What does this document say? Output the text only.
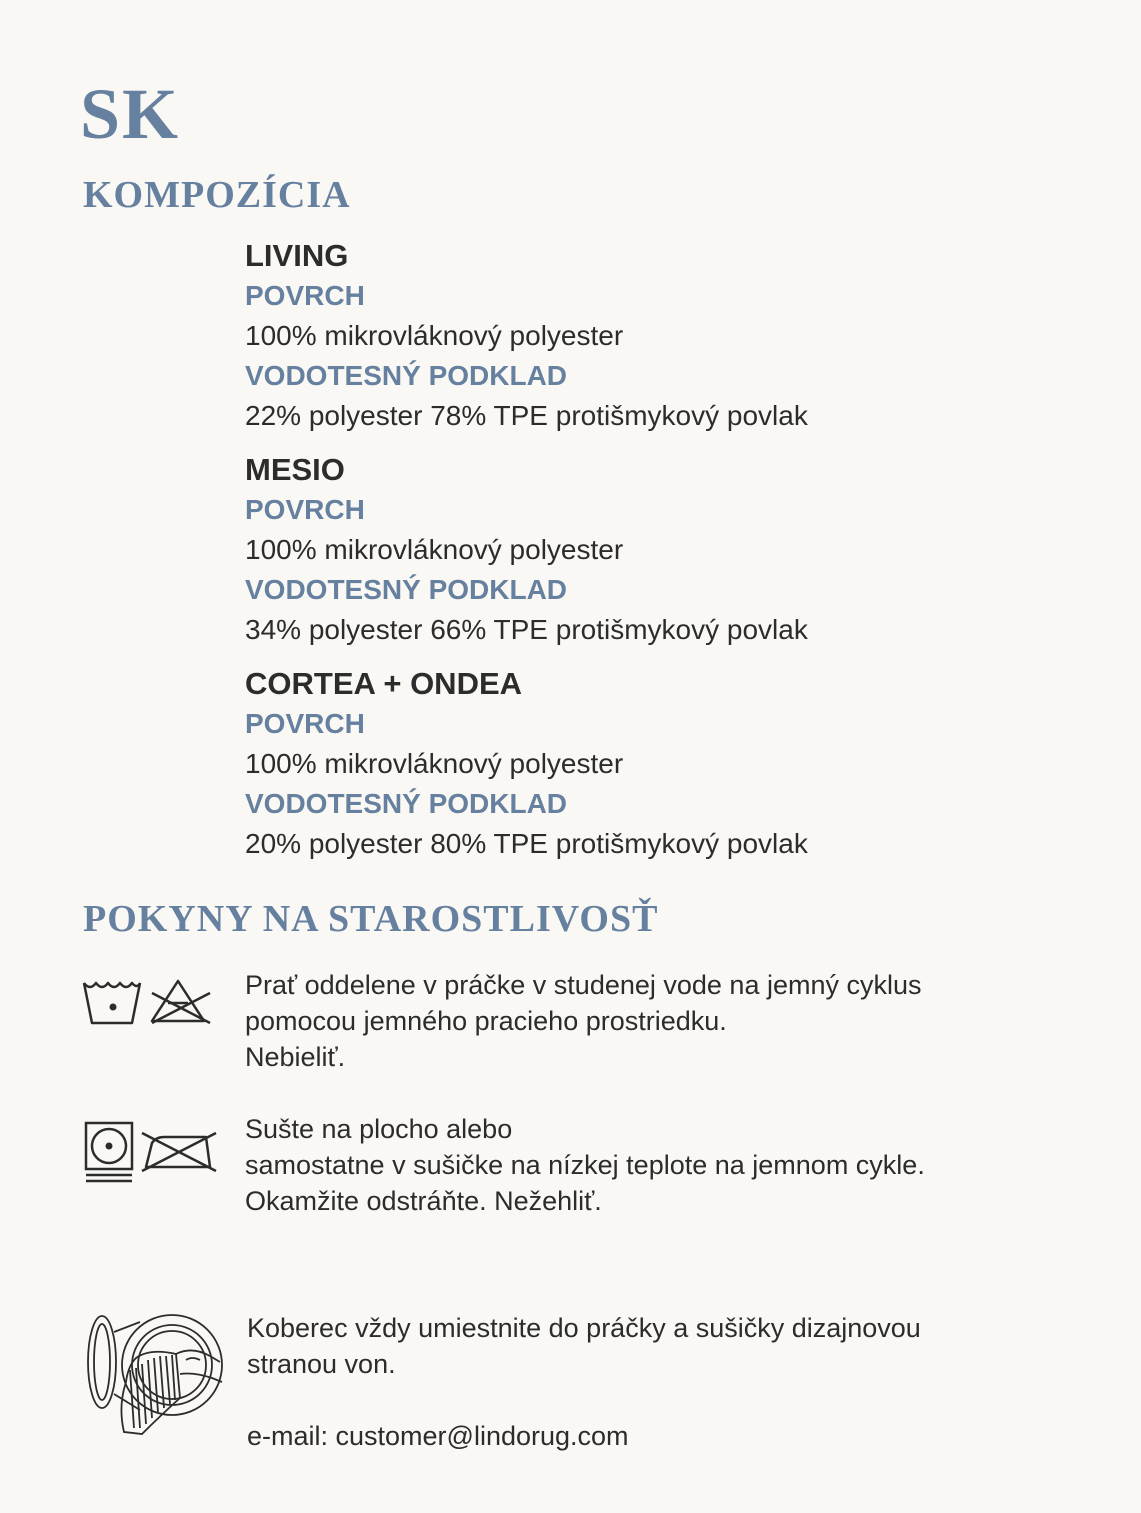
SK
KOMPOZÍCIA
LIVING
POVRCH
100% mikrovláknový polyester
VODOTESNÝ PODKLAD
22% polyester 78% TPE protišmykový povlak
MESIO
POVRCH
100% mikrovláknový polyester
VODOTESNÝ PODKLAD
34% polyester 66% TPE protišmykový povlak
CORTEA + ONDEA
POVRCH
100% mikrovláknový polyester
VODOTESNÝ PODKLAD
20% polyester 80% TPE protišmykový povlak
POKYNY NA STAROSTLIVOSŤ
Prať oddelene v práčke v studenej vode na jemný cyklus
pomocou jemného pracieho prostriedku.
Nebieliť.
Sušte na plocho alebo
samostatne v sušičke na nízkej teplote na jemnom cykle.
Okamžite odstráňte. Nežehliť.
Koberec vždy umiestnite do práčky a sušičky dizajnovou
stranou von.
e-mail: customer@lindorug.com
